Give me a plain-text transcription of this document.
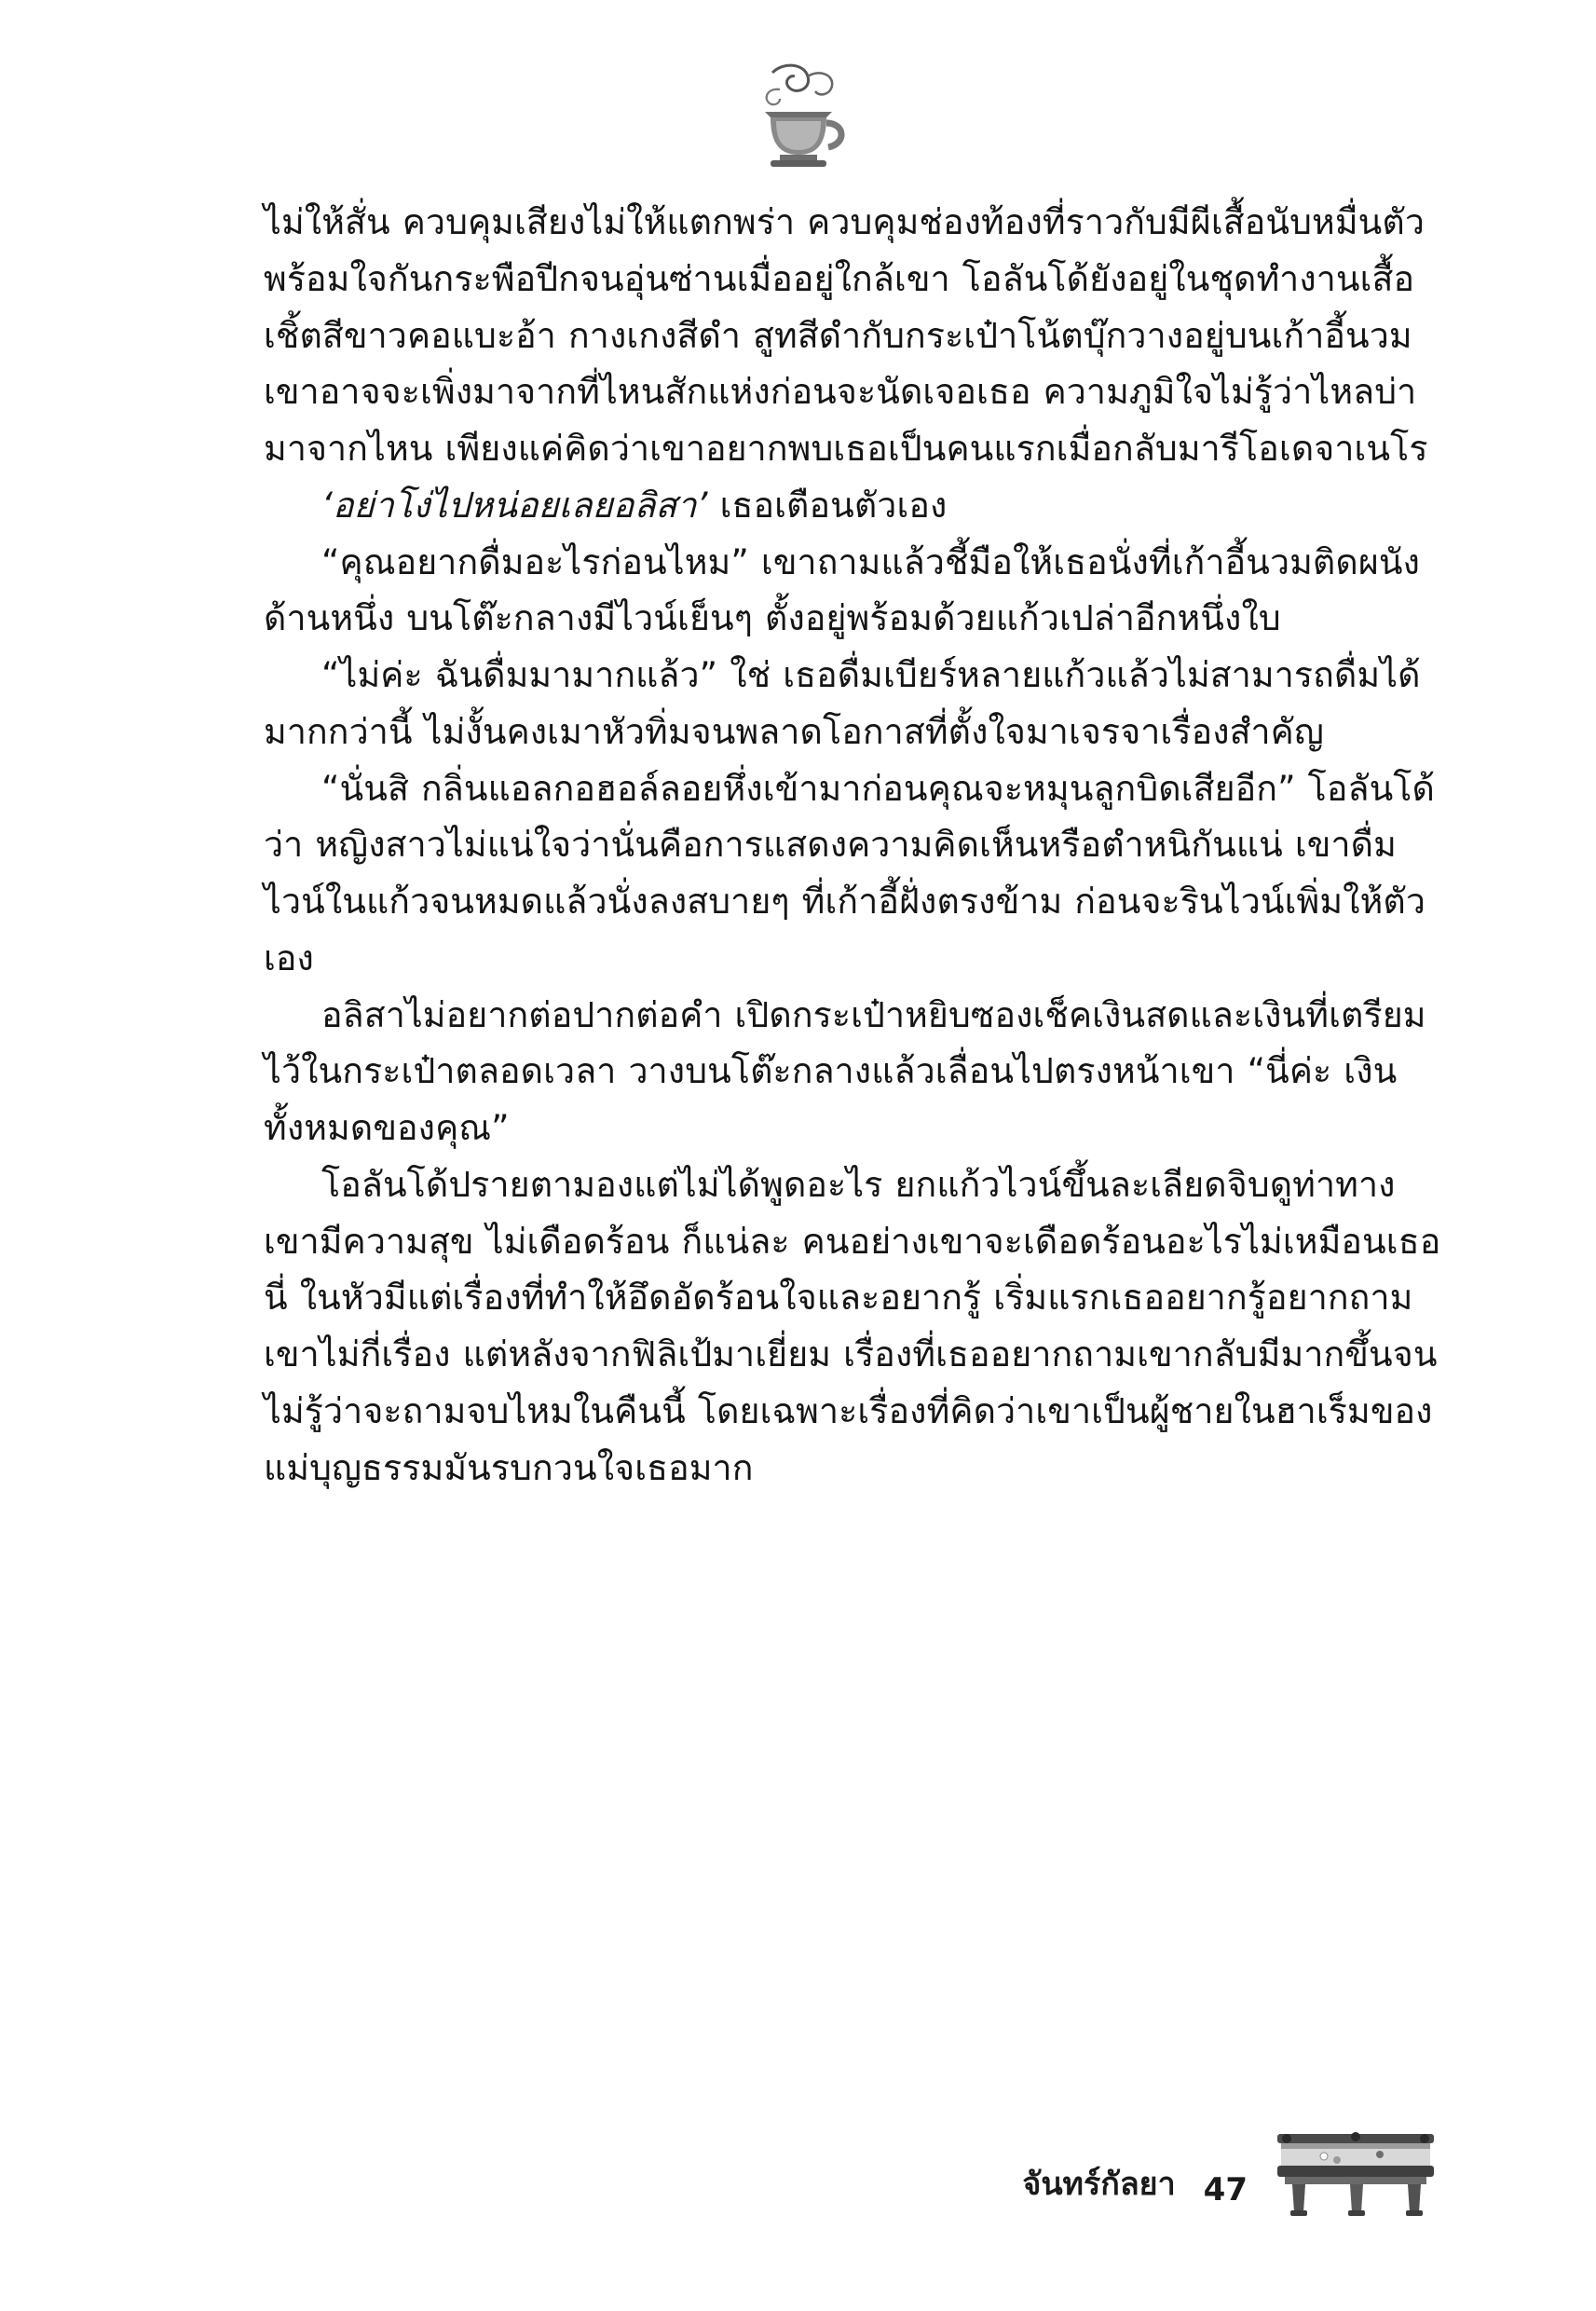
ไม่ให้สั่น ควบคุมเสียงไม่ให้แตกพร่า ควบคุมช่องท้องที่ราวกับมีผีเสื้อนับหมื่นตัวพร้อมใจกันกระพือปีกจนอุ่นซ่านเมื่ออยู่ใกล้เขา โอลันโด้ยังอยู่ในชุดทำงานเสื้อเชิ้ตสีขาวคอแบะอ้า กางเกงสีดำ สูทสีดำกับกระเป๋าโน้ตบุ๊กวางอยู่บนเก้าอี้นวม เขาอาจจะเพิ่งมาจากที่ไหนสักแห่งก่อนจะนัดเจอเธอ ความภูมิใจไม่รู้ว่าไหลบ่ามาจากไหน เพียงแค่คิดว่าเขาอยากพบเธอเป็นคนแรกเมื่อกลับมารีโอเดจาเนโร

‘อย่าโง่ไปหน่อยเลยอลิสา’ เธอเตือนตัวเอง

“คุณอยากดื่มอะไรก่อนไหม” เขาถามแล้วชี้มือให้เธอนั่งที่เก้าอี้นวมติดผนังด้านหนึ่ง บนโต๊ะกลางมีไวน์เย็นๆ ตั้งอยู่พร้อมด้วยแก้วเปล่าอีกหนึ่งใบ

“ไม่ค่ะ ฉันดื่มมามากแล้ว” ใช่ เธอดื่มเบียร์หลายแก้วแล้วไม่สามารถดื่มได้มากกว่านี้ ไม่งั้นคงเมาหัวทิ่มจนพลาดโอกาสที่ตั้งใจมาเจรจาเรื่องสำคัญ

“นั่นสิ กลิ่นแอลกอฮอล์ลอยหึ่งเข้ามาก่อนคุณจะหมุนลูกบิดเสียอีก” โอลันโด้ว่า หญิงสาวไม่แน่ใจว่านั่นคือการแสดงความคิดเห็นหรือตำหนิกันแน่ เขาดื่มไวน์ในแก้วจนหมดแล้วนั่งลงสบายๆ ที่เก้าอี้ฝั่งตรงข้าม ก่อนจะรินไวน์เพิ่มให้ตัวเอง

อลิสาไม่อยากต่อปากต่อคำ เปิดกระเป๋าหยิบซองเช็คเงินสดและเงินที่เตรียมไว้ในกระเป๋าตลอดเวลา วางบนโต๊ะกลางแล้วเลื่อนไปตรงหน้าเขา “นี่ค่ะ เงินทั้งหมดของคุณ”

โอลันโด้ปรายตามองแต่ไม่ได้พูดอะไร ยกแก้วไวน์ขึ้นละเลียดจิบดูท่าทางเขามีความสุข ไม่เดือดร้อน ก็แน่ละ คนอย่างเขาจะเดือดร้อนอะไรไม่เหมือนเธอนี่ ในหัวมีแต่เรื่องที่ทำให้อึดอัดร้อนใจและอยากรู้ เริ่มแรกเธออยากรู้อยากถามเขาไม่กี่เรื่อง แต่หลังจากฟิลิเป้มาเยี่ยม เรื่องที่เธออยากถามเขากลับมีมากขึ้นจนไม่รู้ว่าจะถามจบไหมในคืนนี้ โดยเฉพาะเรื่องที่คิดว่าเขาเป็นผู้ชายในฮาเร็มของแม่บุญธรรมมันรบกวนใจเธอมาก

จันทร์กัลยา 47
